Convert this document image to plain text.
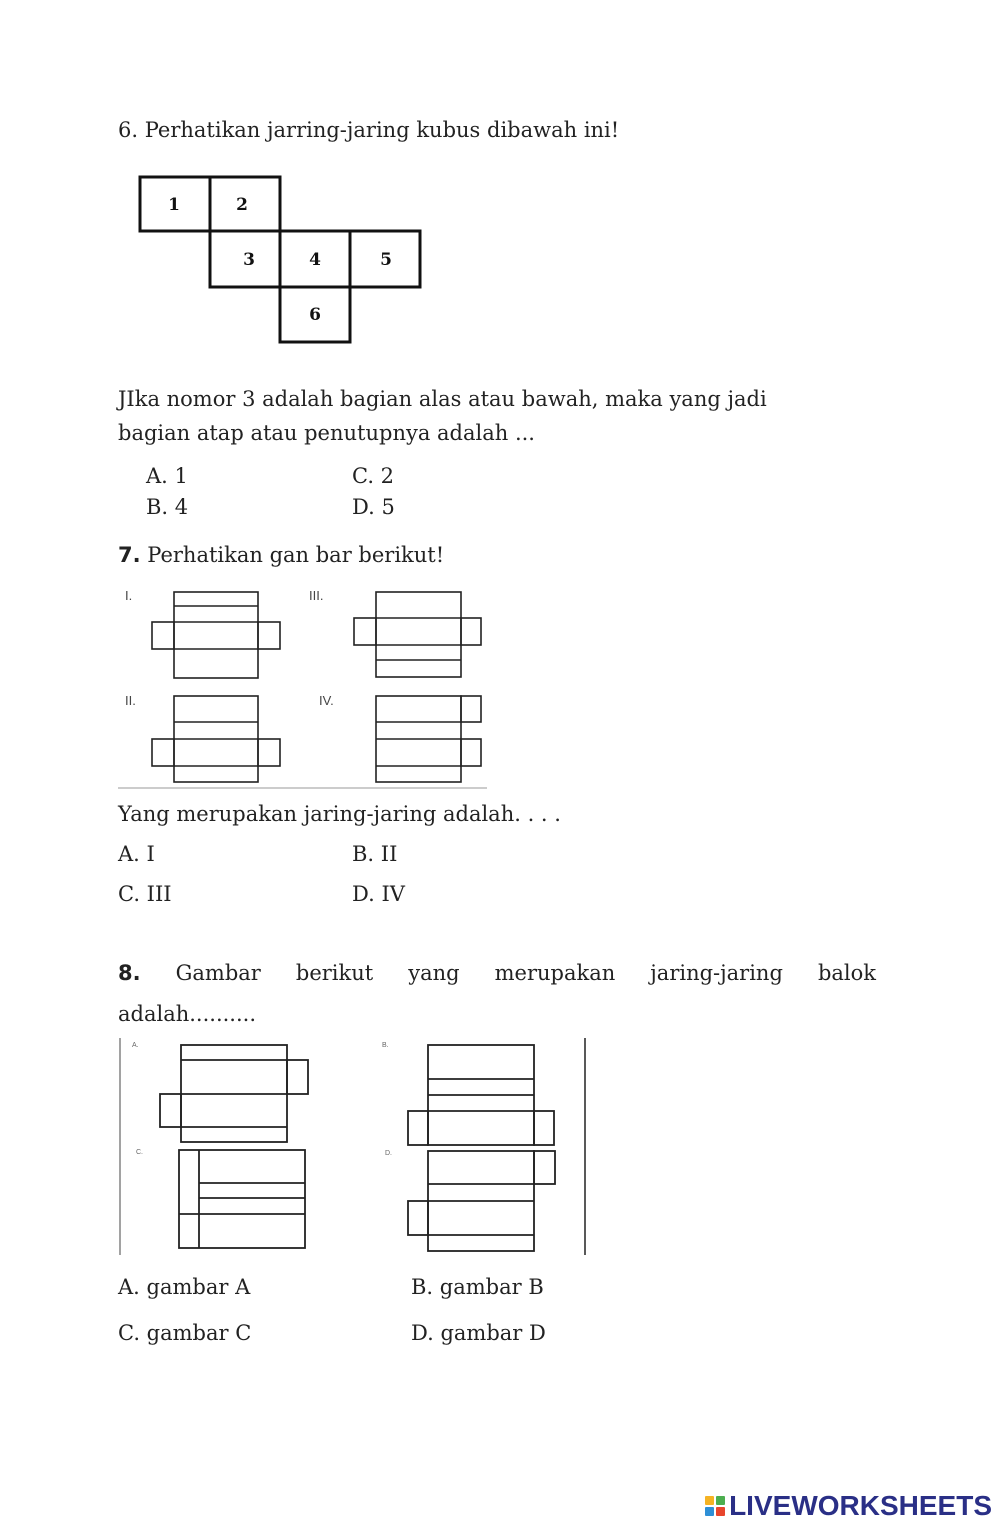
6. Perhatikan jarring-jaring kubus dibawah ini!
1	2
3	4	5
6
I.	III.
II.	IV.
A.	B.
C.	D.
JIka nomor 3 adalah bagian alas atau bawah, maka yang jadi
bagian atap atau penutupnya adalah ...
A. 1	C. 2
B. 4	D. 5
7. Perhatikan gan bar berikut!
Yang merupakan jaring-jaring adalah. . . .
A. I	B. II
C. III	D. IV
8. Gambar berikut yang merupakan jaring-jaring balok
adalah..........
A. gambar A	B. gambar B
C. gambar C	D. gambar D
LIVEWORKSHEETS
